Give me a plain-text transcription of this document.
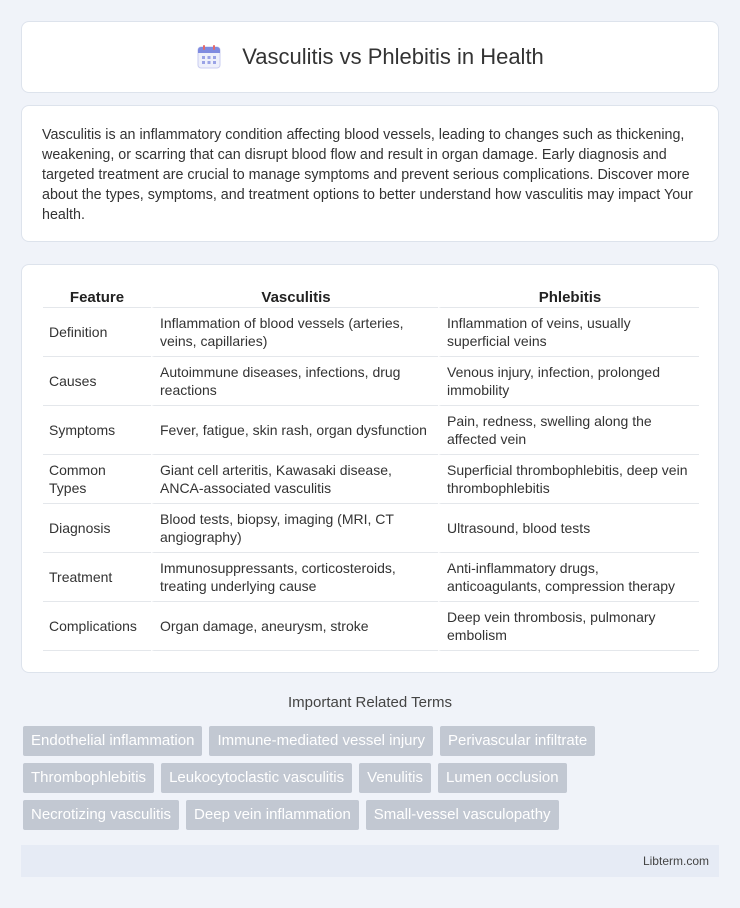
Vasculitis vs Phlebitis in Health

Vasculitis is an inflammatory condition affecting blood vessels, leading to changes such as thickening, weakening, or scarring that can disrupt blood flow and result in organ damage. Early diagnosis and targeted treatment are crucial to manage symptoms and prevent serious complications. Discover more about the types, symptoms, and treatment options to better understand how vasculitis may impact Your health.

Feature	Vasculitis	Phlebitis
Definition	Inflammation of blood vessels (arteries, veins, capillaries)	Inflammation of veins, usually superficial veins
Causes	Autoimmune diseases, infections, drug reactions	Venous injury, infection, prolonged immobility
Symptoms	Fever, fatigue, skin rash, organ dysfunction	Pain, redness, swelling along the affected vein
Common Types	Giant cell arteritis, Kawasaki disease, ANCA-associated vasculitis	Superficial thrombophlebitis, deep vein thrombophlebitis
Diagnosis	Blood tests, biopsy, imaging (MRI, CT angiography)	Ultrasound, blood tests
Treatment	Immunosuppressants, corticosteroids, treating underlying cause	Anti-inflammatory drugs, anticoagulants, compression therapy
Complications	Organ damage, aneurysm, stroke	Deep vein thrombosis, pulmonary embolism
Important Related Terms
Endothelial inflammation	Immune-mediated vessel injury	Perivascular infiltrate
Thrombophlebitis	Leukocytoclastic vasculitis	Venulitis	Lumen occlusion
Necrotizing vasculitis	Deep vein inflammation	Small-vessel vasculopathy
Libterm.com
